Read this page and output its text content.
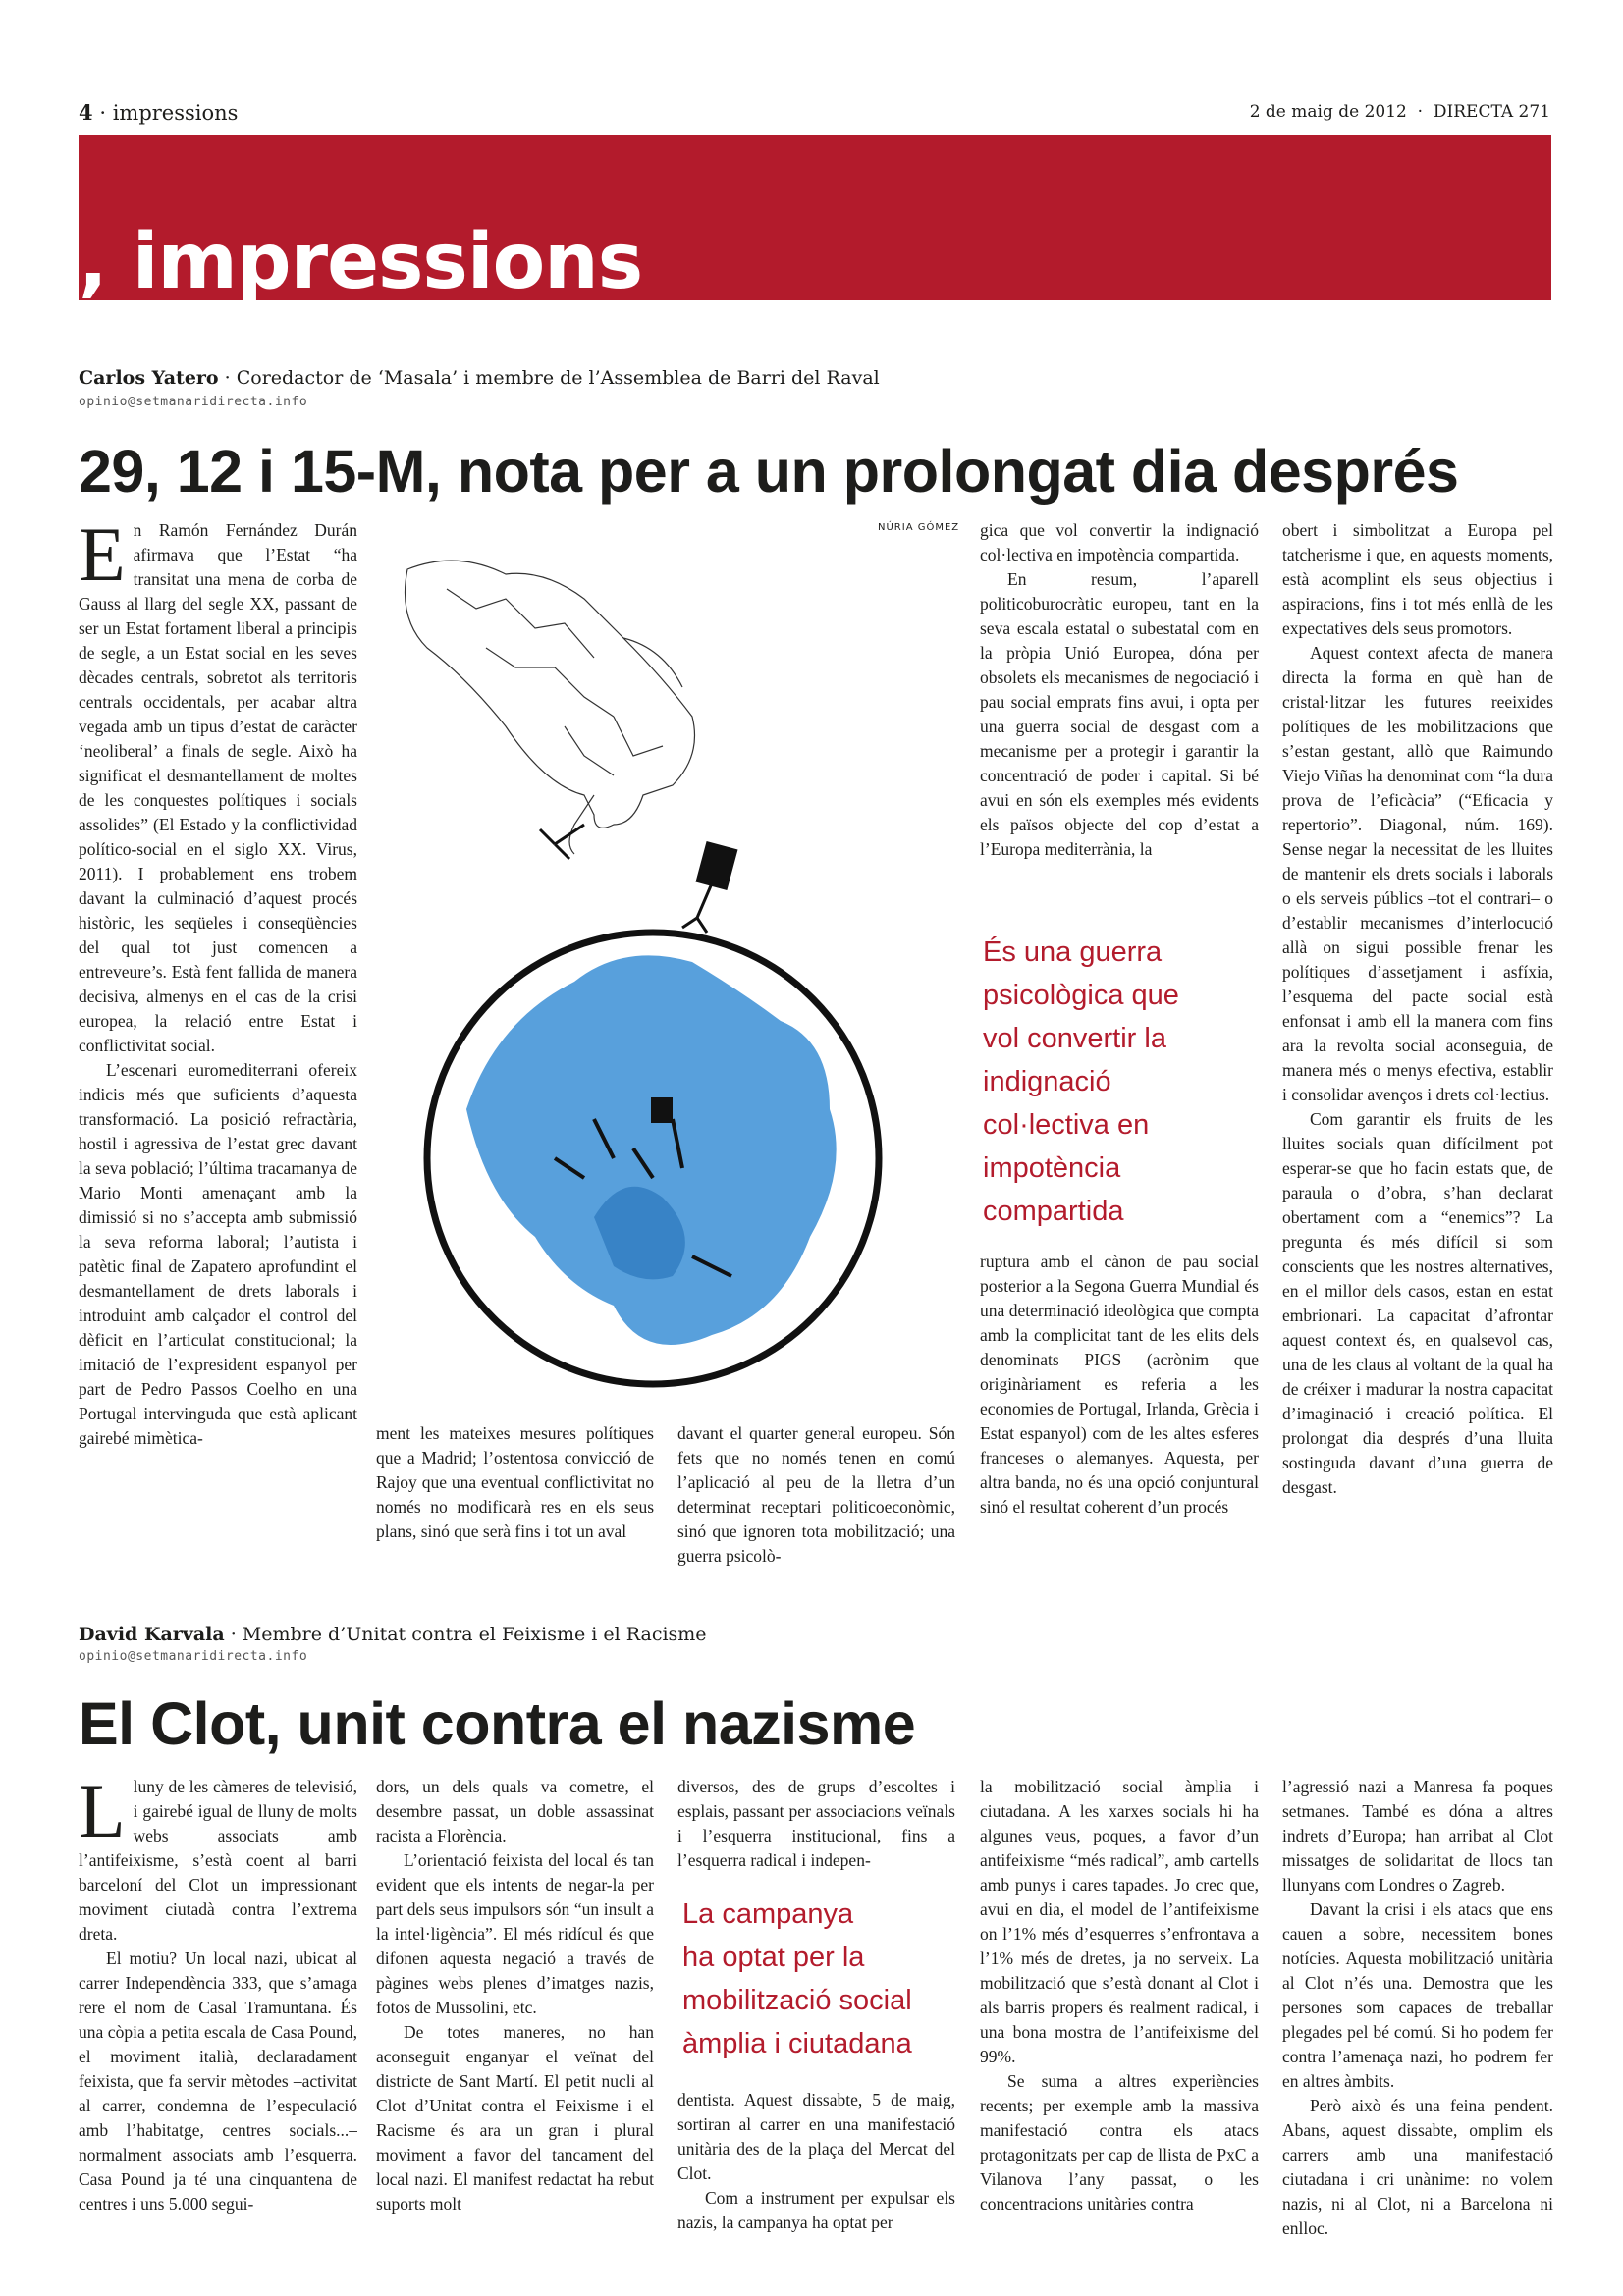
4 · impressions	2 de maig de 2012 · DIRECTA 271
, impressions
Carlos Yatero · Coredactor de ‘Masala’ i membre de l’Assemblea de Barri del Raval
opinio@setmanaridirecta.info
29, 12 i 15-M, nota per a un prolongat dia després
NÚRIA GÓMEZ

En Ramón Fernández Durán afirmava que l’Estat “ha transitat una mena de corba de Gauss al llarg del segle XX, passant de ser un Estat fortament liberal a principis de segle, a un Estat social en les seves dècades centrals, sobretot als territoris centrals occidentals, per acabar altra vegada amb un tipus d’estat de caràcter ‘neoliberal’ a finals de segle. Això ha significat el desmantellament de moltes de les conquestes polítiques i socials assolides” (El Estado y la conflictividad político-social en el siglo XX. Virus, 2011). I probablement ens trobem davant la culminació d’aquest procés històric, les seqüeles i conseqüències del qual tot just comencen a entreveure’s. Està fent fallida de manera decisiva, almenys en el cas de la crisi europea, la relació entre Estat i conflictivitat social.

L’escenari euromediterrani ofereix indicis més que suficients d’aquesta transformació. La posició refractària, hostil i agressiva de l’estat grec davant la seva població; l’última tracamanya de Mario Monti amenaçant amb la dimissió si no s’accepta amb submissió la seva reforma laboral; l’autista i patètic final de Zapatero aprofundint el desmantellament de drets laborals i introduint amb calçador el control del dèficit en l’articulat constitucional; la imitació de l’expresident espanyol per part de Pedro Passos Coelho en una Portugal intervinguda que està aplicant gairebé mimètica-	ment les mateixes mesures polítiques que a Madrid; l’ostentosa convicció de Rajoy que una eventual conflictivitat no només no modificarà res en els seus plans, sinó que serà fins i tot un aval

davant el quarter general europeu. Són fets que no només tenen en comú l’aplicació al peu de la lletra d’un determinat receptari politicoeconòmic, sinó que ignoren tota mobilització; una guerra psicolò-

gica que vol convertir la indignació col·lectiva en impotència compartida.

En resum, l’aparell politicoburocràtic europeu, tant en la seva escala estatal o subestatal com en la pròpia Unió Europea, dóna per obsolets els mecanismes de negociació i pau social emprats fins avui, i opta per una guerra social de desgast com a mecanisme per a protegir i garantir la concentració de poder i capital. Si bé avui en són els exemples més evidents els països objecte del cop d’estat a l’Europa mediterrània, la

És una guerra

psicològica que

vol convertir la

indignació

col·lectiva en

impotència

compartida

ruptura amb el cànon de pau social posterior a la Segona Guerra Mundial és una determinació ideològica que compta amb la complicitat tant de les elits dels denominats PIGS (acrònim que originàriament es referia a les economies de Portugal, Irlanda, Grècia i Estat espanyol) com de les altes esferes franceses o alemanyes. Aquesta, per altra banda, no és una opció conjuntural sinó el resultat coherent d’un procés

obert i simbolitzat a Europa pel tatcherisme i que, en aquests moments, està acomplint els seus objectius i aspiracions, fins i tot més enllà de les expectatives dels seus promotors.

Aquest context afecta de manera directa la forma en què han de cristal·litzar les futures reeixides polítiques de les mobilitzacions que s’estan gestant, allò que Raimundo Viejo Viñas ha denominat com “la dura prova de l’eficàcia” (“Eficacia y repertorio”. Diagonal, núm. 169). Sense negar la necessitat de les lluites de mantenir els drets socials i laborals o els serveis públics –tot el contrari– o d’establir mecanismes d’interlocució allà on sigui possible frenar les polítiques d’assetjament i asfíxia, l’esquema del pacte social està enfonsat i amb ell la manera com fins ara la revolta social aconseguia, de manera més o menys efectiva, establir i consolidar avenços i drets col·lectius.

Com garantir els fruits de les lluites socials quan difícilment pot esperar-se que ho facin estats que, de paraula o d’obra, s’han declarat obertament com a “enemics”? La pregunta és més difícil si som conscients que les nostres alternatives, en el millor dels casos, estan en estat embrionari. La capacitat d’afrontar aquest context és, en qualsevol cas, una de les claus al voltant de la qual ha de créixer i madurar la nostra capacitat d’imaginació i creació política. El prolongat dia després d’una lluita sostinguda davant d’una guerra de desgast.

David Karvala · Membre d’Unitat contra el Feixisme i el Racisme
opinio@setmanaridirecta.info
El Clot, unit contra el nazisme

Lluny de les càmeres de televisió, i gairebé igual de lluny de molts webs associats amb l’antifeixisme, s’està coent al barri barceloní del Clot un impressionant moviment ciutadà contra l’extrema dreta.

El motiu? Un local nazi, ubicat al carrer Independència 333, que s’amaga rere el nom de Casal Tramuntana. És una còpia a petita escala de Casa Pound, el moviment italià, declaradament feixista, que fa servir mètodes –activitat al carrer, condemna de l’especulació amb l’habitatge, centres socials...– normalment associats amb l’esquerra. Casa Pound ja té una cinquantena de centres i uns 5.000 segui-

dors, un dels quals va cometre, el desembre passat, un doble assassinat racista a Florència.

L’orientació feixista del local és tan evident que els intents de negar-la per part dels seus impulsors són “un insult a la intel·ligència”. El més ridícul és que difonen aquesta negació a través de pàgines webs plenes d’imatges nazis, fotos de Mussolini, etc.

De totes maneres, no han aconseguit enganyar el veïnat del districte de Sant Martí. El petit nucli al Clot d’Unitat contra el Feixisme i el Racisme és ara un gran i plural moviment a favor del tancament del local nazi. El manifest redactat ha rebut suports molt

diversos, des de grups d’escoltes i esplais, passant per associacions veïnals i l’esquerra institucional, fins a l’esquerra radical i indepen-

La campanya

ha optat per la

mobilització social

àmplia i ciutadana

dentista. Aquest dissabte, 5 de maig, sortiran al carrer en una manifestació unitària des de la plaça del Mercat del Clot.

Com a instrument per expulsar els nazis, la campanya ha optat per

la mobilització social àmplia i ciutadana. A les xarxes socials hi ha algunes veus, poques, a favor d’un antifeixisme “més radical”, amb cartells amb punys i cares tapades. Jo crec que, avui en dia, el model de l’antifeixisme on l’1% més d’esquerres s’enfrontava a l’1% més de dretes, ja no serveix. La mobilització que s’està donant al Clot i als barris propers és realment radical, i una bona mostra de l’antifeixisme del 99%.

Se suma a altres experiències recents; per exemple amb la massiva manifestació contra els atacs protagonitzats per cap de llista de PxC a Vilanova l’any passat, o les concentracions unitàries contra

l’agressió nazi a Manresa fa poques setmanes. També es dóna a altres indrets d’Europa; han arribat al Clot missatges de solidaritat de llocs tan llunyans com Londres o Zagreb.

Davant la crisi i els atacs que ens cauen a sobre, necessitem bones notícies. Aquesta mobilització unitària al Clot n’és una. Demostra que les persones som capaces de treballar plegades pel bé comú. Si ho podem fer contra l’amenaça nazi, ho podrem fer en altres àmbits.

Però això és una feina pendent. Abans, aquest dissabte, omplim els carrers amb una manifestació ciutadana i cri unànime: no volem nazis, ni al Clot, ni a Barcelona ni enlloc.
